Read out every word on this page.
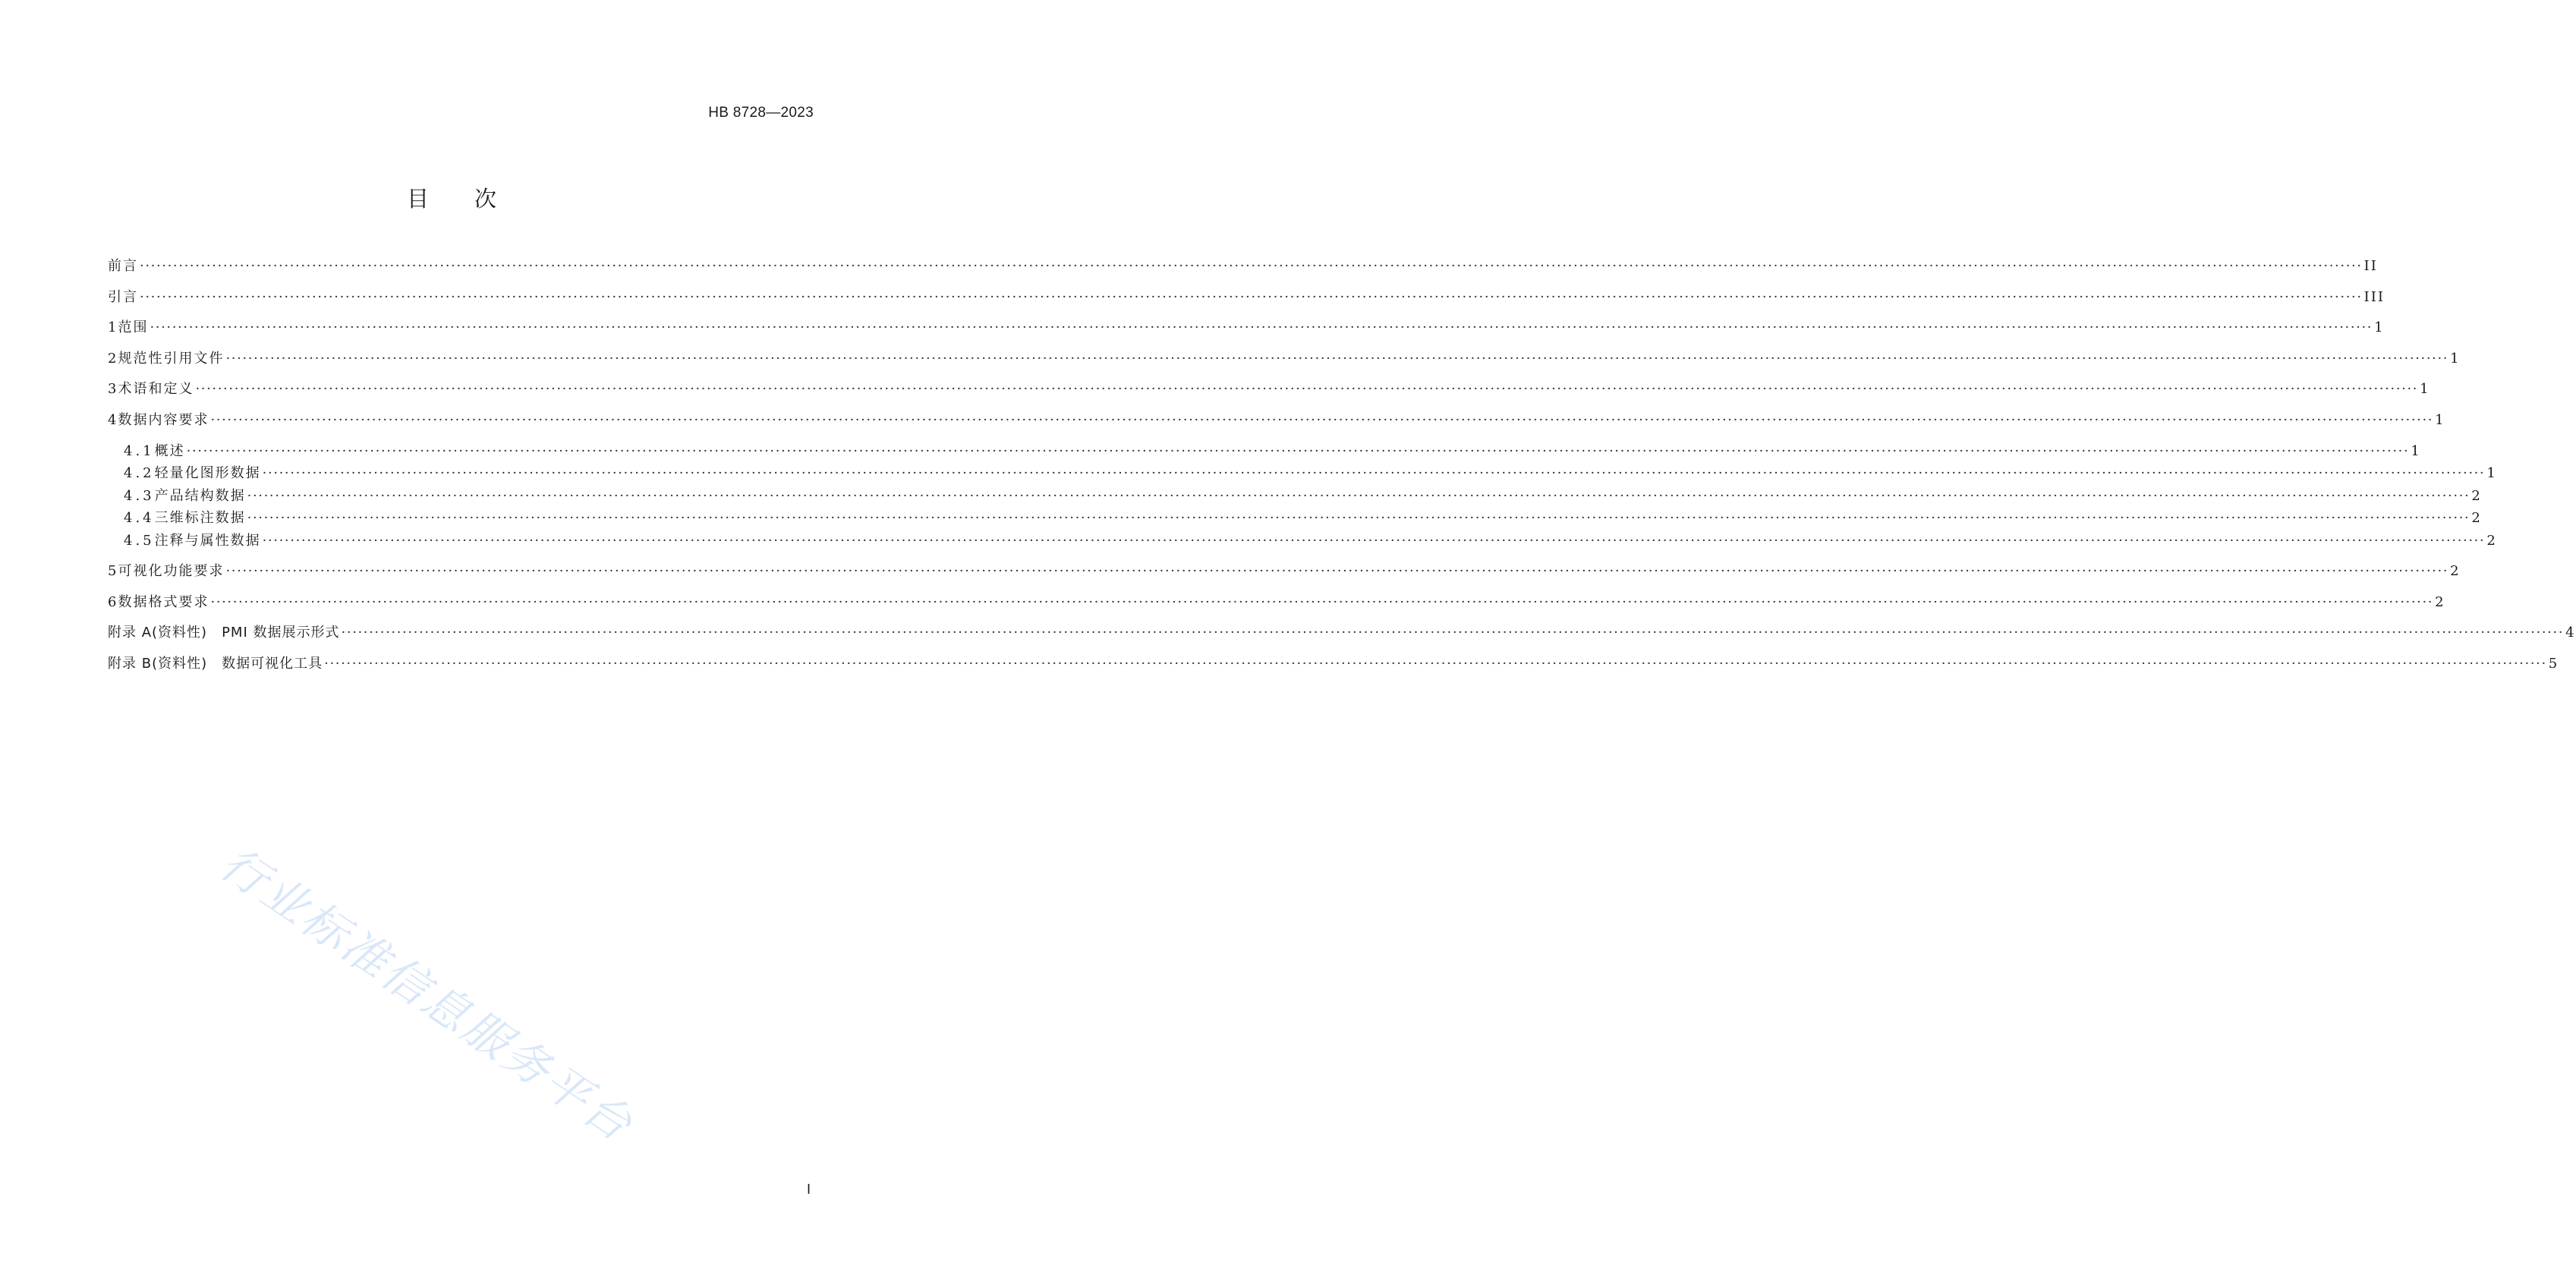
HB 8728—2023
目次
前言 ················································································································································································································································································································································································································ II
引言 ················································································································································································································································································································································································································ III
1 范围 ················································································································································································································································································································································································································ 1
2 规范性引用文件 ················································································································································································································································································································································································································ 1
3 术语和定义 ················································································································································································································································································································································································································ 1
4 数据内容要求 ················································································································································································································································································································································································································ 1
4.1 概述 ················································································································································································································································································································································································································ 1
4.2 轻量化图形数据 ················································································································································································································································································································································································································ 1
4.3 产品结构数据 ················································································································································································································································································································································································································ 2
4.4 三维标注数据 ················································································································································································································································································································································································································ 2
4.5 注释与属性数据 ················································································································································································································································································································································································································ 2
5 可视化功能要求 ················································································································································································································································································································································································································ 2
6 数据格式要求 ················································································································································································································································································································································································································ 2
附录 A(资料性)　PMI 数据展示形式 ················································································································································································································································································································································································································ 4
附录 B(资料性)　数据可视化工具 ················································································································································································································································································································································································································ 5
行业标准信息服务平台
I
